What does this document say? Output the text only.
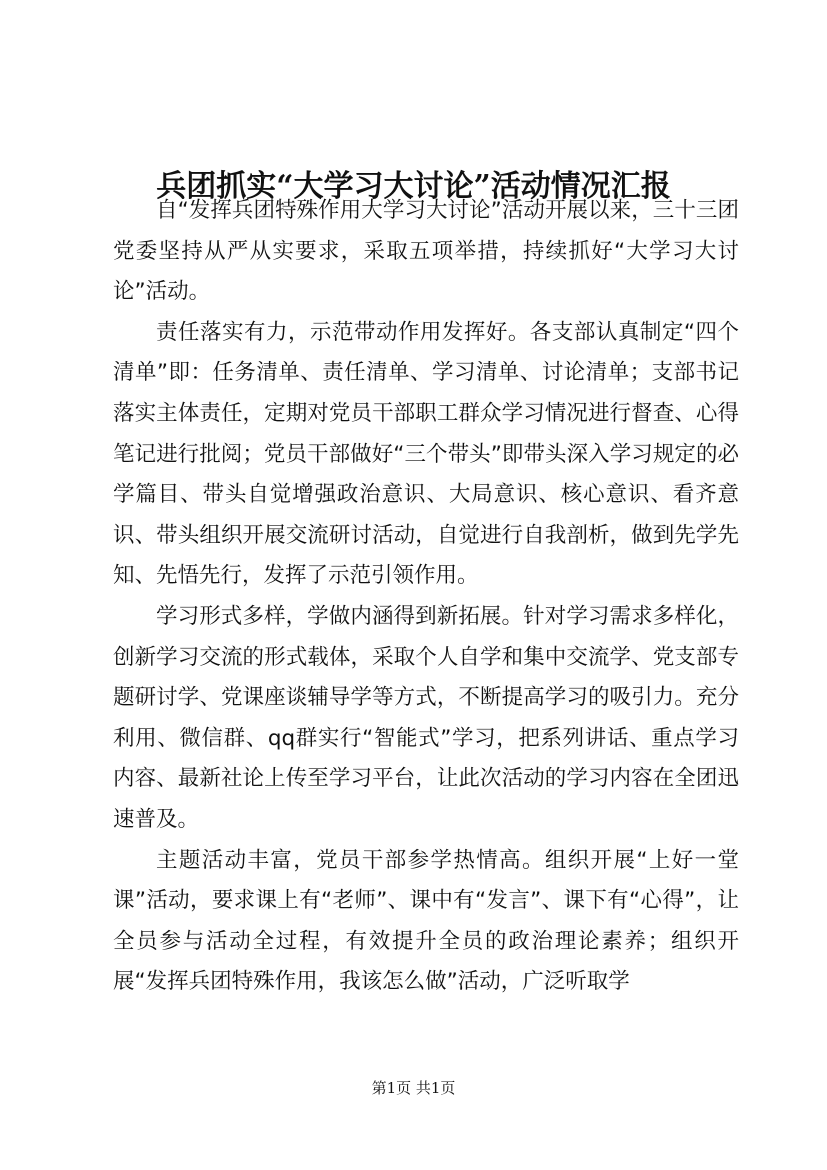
兵团抓实“大学习大讨论”活动情况汇报

自“发挥兵团特殊作用大学习大讨论”活动开展以来，三十三团党委坚持从严从实要求，采取五项举措，持续抓好“大学习大讨论”活动。

责任落实有力，示范带动作用发挥好。各支部认真制定“四个清单”即：任务清单、责任清单、学习清单、讨论清单；支部书记落实主体责任，定期对党员干部职工群众学习情况进行督查、心得笔记进行批阅；党员干部做好“三个带头”即带头深入学习规定的必学篇目、带头自觉增强政治意识、大局意识、核心意识、看齐意识、带头组织开展交流研讨活动，自觉进行自我剖析，做到先学先知、先悟先行，发挥了示范引领作用。

学习形式多样，学做内涵得到新拓展。针对学习需求多样化，创新学习交流的形式载体，采取个人自学和集中交流学、党支部专题研讨学、党课座谈辅导学等方式，不断提高学习的吸引力。充分利用、微信群、qq群实行“智能式”学习，把系列讲话、重点学习内容、最新社论上传至学习平台，让此次活动的学习内容在全团迅速普及。

主题活动丰富，党员干部参学热情高。组织开展“上好一堂课”活动，要求课上有“老师”、课中有“发言”、课下有“心得”，让全员参与活动全过程，有效提升全员的政治理论素养；组织开展“发挥兵团特殊作用，我该怎么做”活动，广泛听取学

第1页 共1页
